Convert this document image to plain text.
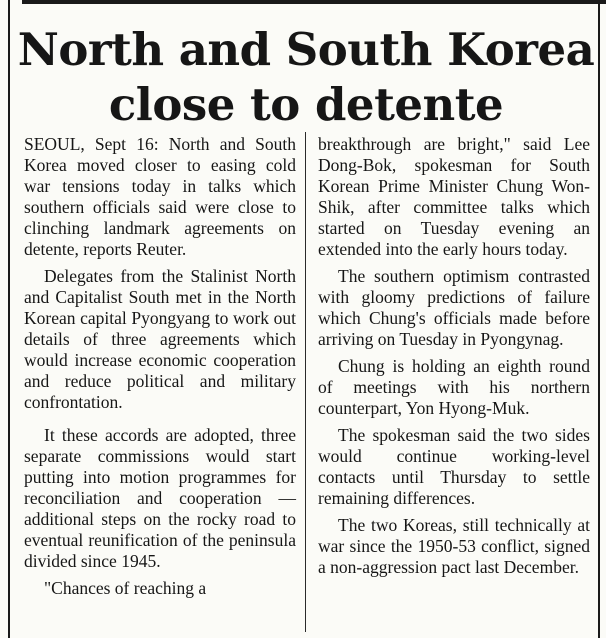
North and South Korea
close to detente

SEOUL, Sept 16: North and South Korea moved closer to easing cold war tensions today in talks which southern officials said were close to clinching landmark agreements on detente, reports Reuter.

Delegates from the Stalinist North and Capitalist South met in the North Korean capital Pyongyang to work out details of three agreements which would increase economic cooperation and reduce political and military confrontation.

It these accords are adopted, three separate commissions would start putting into motion programmes for reconciliation and cooperation — additional steps on the rocky road to eventual reunification of the peninsula divided since 1945.

"Chances of reaching a

breakthrough are bright," said Lee Dong-Bok, spokesman for South Korean Prime Minister Chung Won-Shik, after committee talks which started on Tuesday evening an extended into the early hours today.

The southern optimism contrasted with gloomy predictions of failure which Chung's officials made before arriving on Tuesday in Pyongynag.

Chung is holding an eighth round of meetings with his northern counterpart, Yon Hyong-Muk.

The spokesman said the two sides would continue working-level contacts until Thursday to settle remaining differences.

The two Koreas, still technically at war since the 1950-53 conflict, signed a non-aggression pact last December.
